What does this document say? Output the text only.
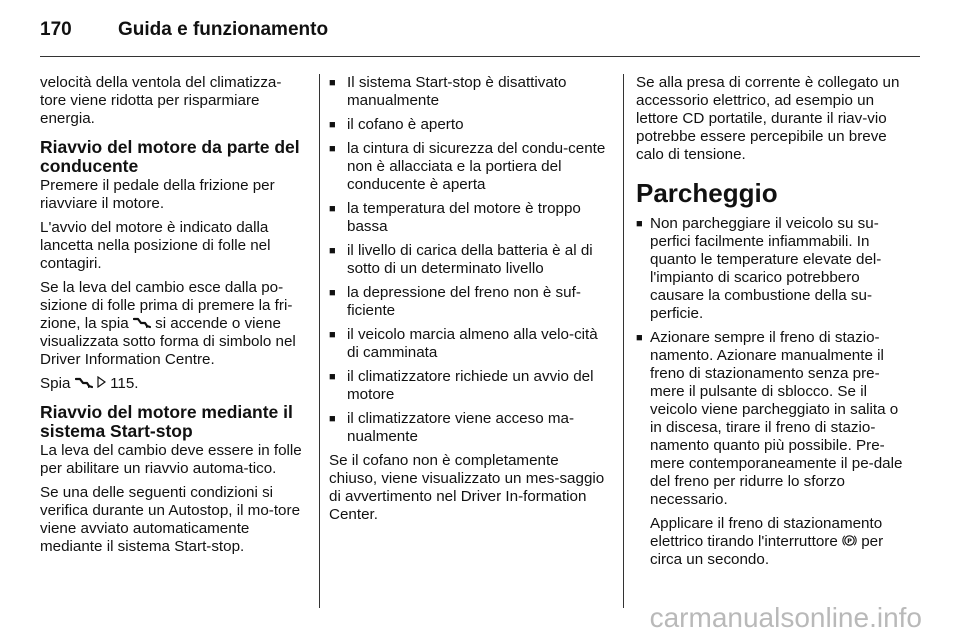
170	Guida e funzionamento

velocità della ventola del climatizza-tore viene ridotta per risparmiare energia.

Riavvio del motore da parte del conducente

Premere il pedale della frizione per riavviare il motore.

L'avvio del motore è indicato dalla lancetta nella posizione di folle nel contagiri.

Se la leva del cambio esce dalla po-sizione di folle prima di premere la fri-zione, la spia  si accende o viene visualizzata sotto forma di simbolo nel Driver Information Centre.

Spia   115.

Riavvio del motore mediante il sistema Start-stop

La leva del cambio deve essere in folle per abilitare un riavvio automa-tico.

Se una delle seguenti condizioni si verifica durante un Autostop, il mo-tore viene avviato automaticamente mediante il sistema Start-stop.

■ Il sistema Start-stop è disattivato manualmente
■ il cofano è aperto
■ la cintura di sicurezza del condu-cente non è allacciata e la portiera del conducente è aperta
■ la temperatura del motore è troppo bassa
■ il livello di carica della batteria è al di sotto di un determinato livello
■ la depressione del freno non è suf-ficiente
■ il veicolo marcia almeno alla velo-cità di camminata
■ il climatizzatore richiede un avvio del motore
■ il climatizzatore viene acceso ma-nualmente

Se il cofano non è completamente chiuso, viene visualizzato un mes-saggio di avvertimento nel Driver In-formation Center.

Se alla presa di corrente è collegato un accessorio elettrico, ad esempio un lettore CD portatile, durante il riav-vio potrebbe essere percepibile un breve calo di tensione.

Parcheggio
■ Non parcheggiare il veicolo su su-perfici facilmente infiammabili. In quanto le temperature elevate del-l'impianto di scarico potrebbero causare la combustione della su-perficie.
■ Azionare sempre il freno di stazio-namento. Azionare manualmente il freno di stazionamento senza pre-mere il pulsante di sblocco. Se il veicolo viene parcheggiato in salita o in discesa, tirare il freno di stazio-namento quanto più possibile. Pre-mere contemporaneamente il pe-dale del freno per ridurre lo sforzo necessario.

Applicare il freno di stazionamento elettrico tirando l'interruttore P per circa un secondo.

carmanualsonline.info
